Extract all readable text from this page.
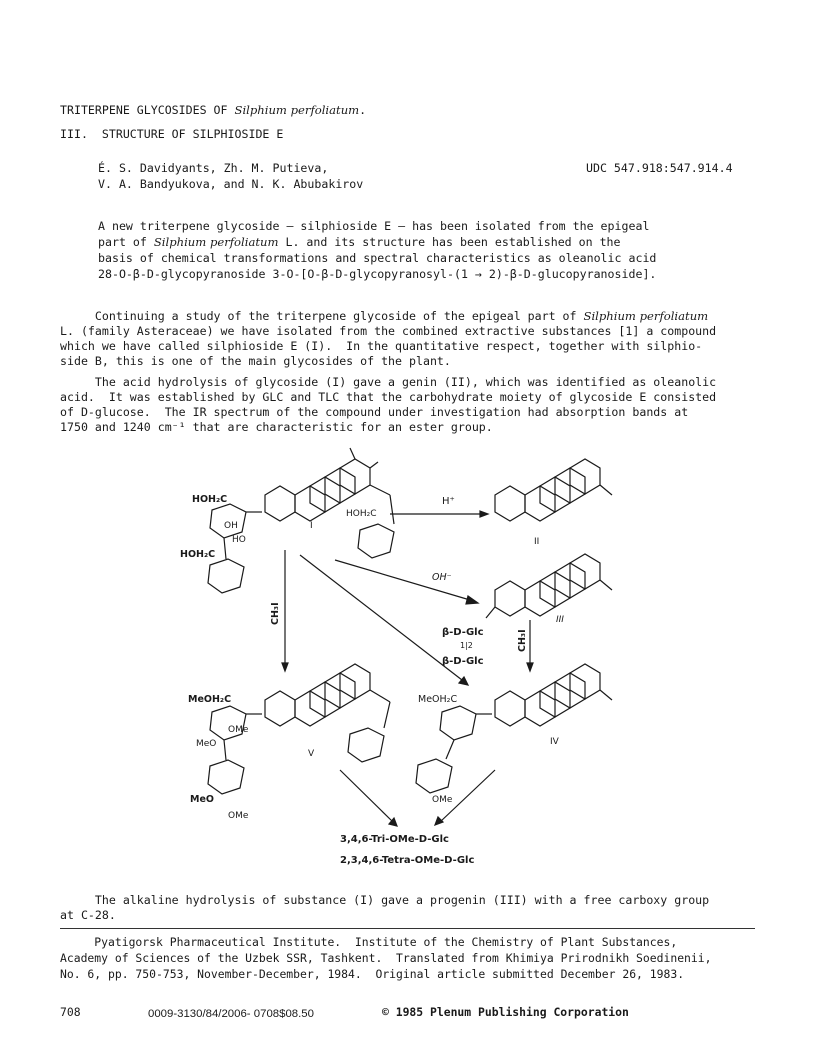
TRITERPENE GLYCOSIDES OF Silphium perfoliatum.
III.  STRUCTURE OF SILPHIOSIDE E
É. S. Davidyants, Zh. M. Putieva,
V. A. Bandyukova, and N. K. Abubakirov
UDC 547.918:547.914.4
A new triterpene glycoside — silphioside E — has been isolated from the epigeal
part of Silphium perfoliatum L. and its structure has been established on the
basis of chemical transformations and spectral characteristics as oleanolic acid
28-O-β-D-glycopyranoside 3-O-[O-β-D-glycopyranosyl-(1 → 2)-β-D-glucopyranoside].
Continuing a study of the triterpene glycoside of the epigeal part of Silphium perfoliatum
L. (family Asteraceae) we have isolated from the combined extractive substances [1] a compound
which we have called silphioside E (I).  In the quantitative respect, together with silphio-
side B, this is one of the main glycosides of the plant.
The acid hydrolysis of glycoside (I) gave a genin (II), which was identified as oleanolic
acid.  It was established by GLC and TLC that the carbohydrate moiety of glycoside E consisted
of D-glucose.  The IR spectrum of the compound under investigation had absorption bands at
1750 and 1240 cm⁻¹ that are characteristic for an ester group.
HOH₂C
HOH₂C
HOH₂C
OH
HO
I
II
III
IV
V
H⁺
OH⁻
CH₃I
CH₃I
β-D-Glc
1|2
β-D-Glc
MeOH₂C	MeOH₂C
OMe
MeO
MeO
OMe
OMe
3,4,6-Tri-OMe-D-Glc
2,3,4,6-Tetra-OMe-D-Glc
The alkaline hydrolysis of substance (I) gave a progenin (III) with a free carboxy group
at C-28.
Pyatigorsk Pharmaceutical Institute.  Institute of the Chemistry of Plant Substances,
Academy of Sciences of the Uzbek SSR, Tashkent.  Translated from Khimiya Prirodnikh Soedinenii,
No. 6, pp. 750-753, November-December, 1984.  Original article submitted December 26, 1983.
708	0009-3130/84/2006- 0708$08.50	© 1985 Plenum Publishing Corporation
